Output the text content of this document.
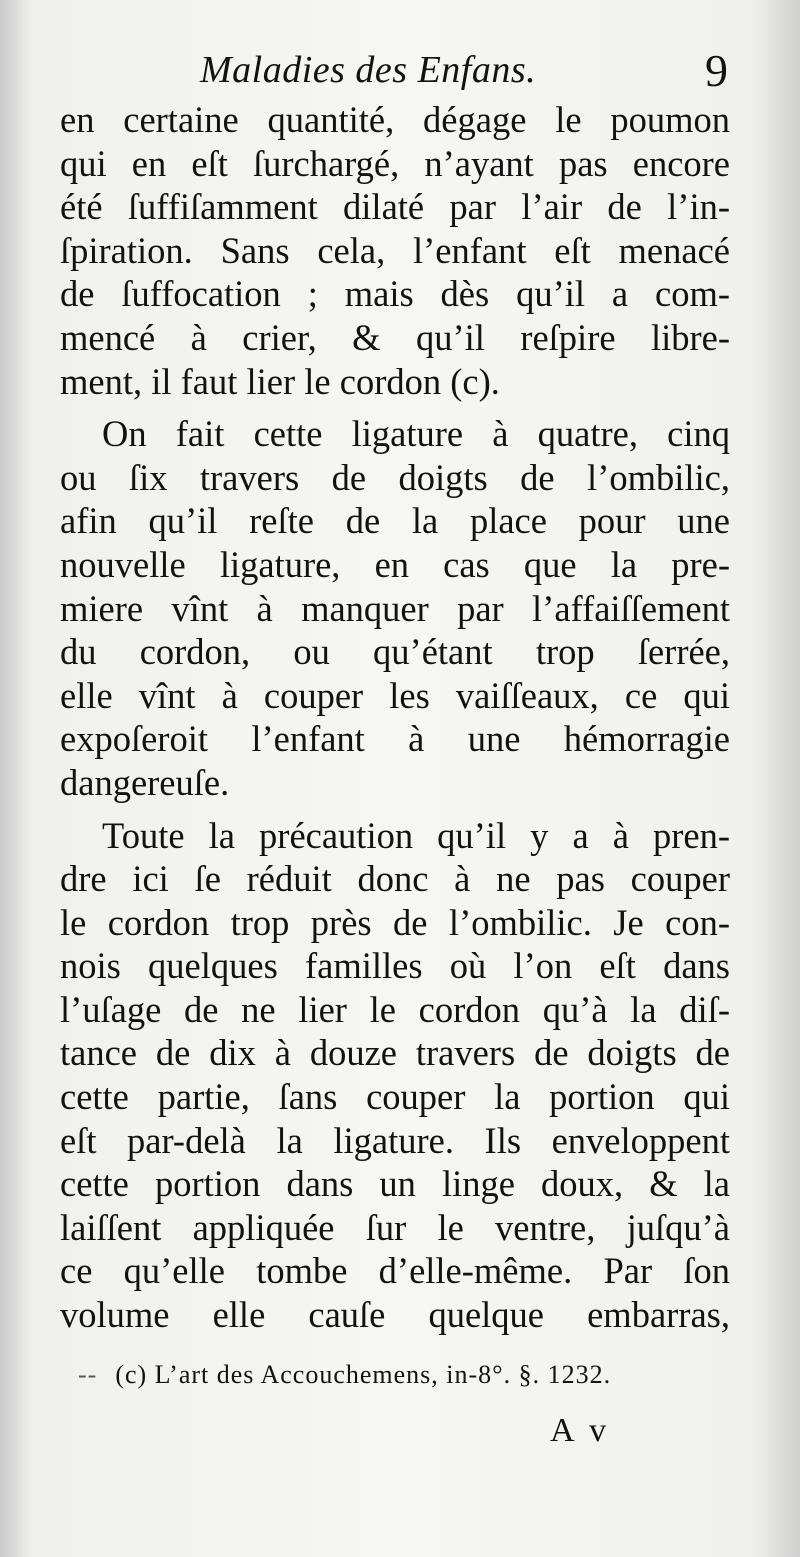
Maladies des Enfans.	9
en certaine quantité, dégage le poumon
qui en eſt ſurchargé, n’ayant pas encore
été ſuffiſamment dilaté par l’air de l’in-
ſpiration. Sans cela, l’enfant eſt menacé
de ſuffocation ; mais dès qu’il a com-
mencé à crier, & qu’il reſpire libre-
ment, il faut lier le cordon (c).
On fait cette ligature à quatre, cinq
ou ſix travers de doigts de l’ombilic,
afin qu’il reſte de la place pour une
nouvelle ligature, en cas que la pre-
miere vînt à manquer par l’affaiſſement
du cordon, ou qu’étant trop ſerrée,
elle vînt à couper les vaiſſeaux, ce qui
expoſeroit l’enfant à une hémorragie
dangereuſe.
Toute la précaution qu’il y a à pren-
dre ici ſe réduit donc à ne pas couper
le cordon trop près de l’ombilic. Je con-
nois quelques familles où l’on eſt dans
l’uſage de ne lier le cordon qu’à la diſ-
tance de dix à douze travers de doigts de
cette partie, ſans couper la portion qui
eſt par-delà la ligature. Ils enveloppent
cette portion dans un linge doux, & la
laiſſent appliquée ſur le ventre, juſqu’à
ce qu’elle tombe d’elle-même. Par ſon
volume elle cauſe quelque embarras,
-- (c) L’art des Accouchemens, in-8°. §. 1232.
A v
